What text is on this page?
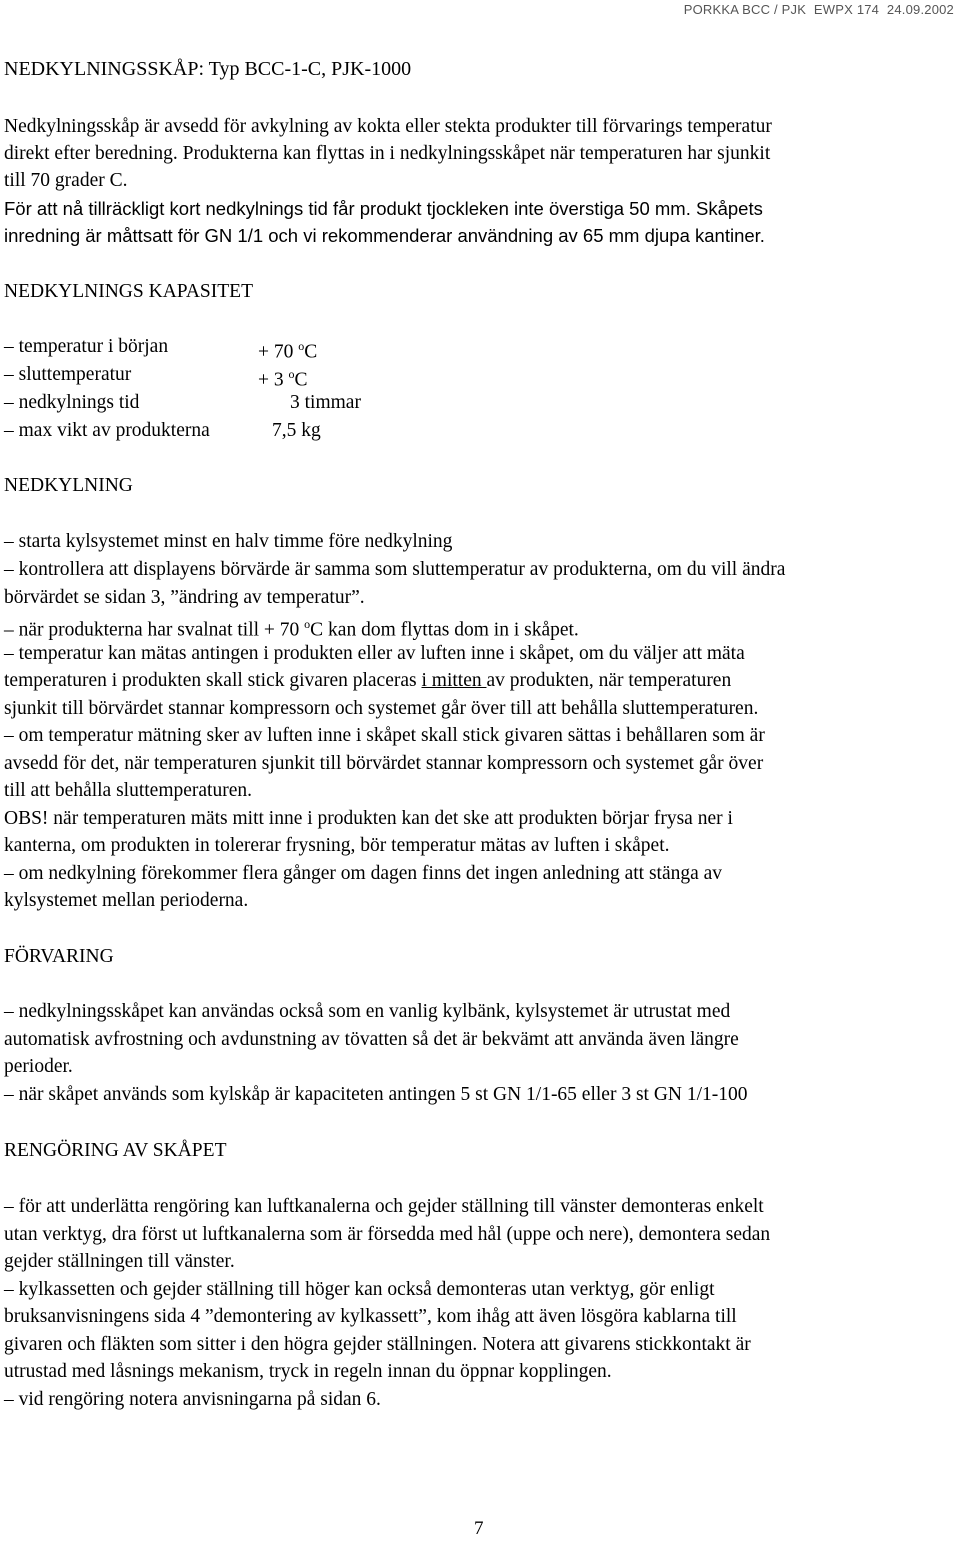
PORKKA BCC / PJK EWPX 174 24.09.2002
NEDKYLNINGSSKÅP: Typ BCC-1-C, PJK-1000
Nedkylningsskåp är avsedd för avkylning av kokta eller stekta produkter till förvarings temperatur
direkt efter beredning. Produkterna kan flyttas in i nedkylningsskåpet när temperaturen har sjunkit
till 70 grader C.
För att nå tillräckligt kort nedkylnings tid får produkt tjockleken inte överstiga 50 mm. Skåpets
inredning är måttsatt för GN 1/1 och vi rekommenderar användning av 65 mm djupa kantiner.
NEDKYLNINGS KAPASITET
– temperatur i början	+ 70 $^o$C
– sluttemperatur	+ 3 $^o$C
– nedkylnings tid	3 timmar
– max vikt av produkterna	7,5 kg
NEDKYLNING
– starta kylsystemet minst en halv timme före nedkylning
– kontrollera att displayens börvärde är samma som sluttemperatur av produkterna, om du vill ändra
börvärdet se sidan 3, ”ändring av temperatur”.
– när produkterna har svalnat till + 70 $^o$C kan dom flyttas dom in i skåpet.
– temperatur kan mätas antingen i produkten eller av luften inne i skåpet, om du väljer att mäta
temperaturen i produkten skall stick givaren placeras i mitten av produkten, när temperaturen
sjunkit till börvärdet stannar kompressorn och systemet går över till att behålla sluttemperaturen.
– om temperatur mätning sker av luften inne i skåpet skall stick givaren sättas i behållaren som är
avsedd för det, när temperaturen sjunkit till börvärdet stannar kompressorn och systemet går över
till att behålla sluttemperaturen.
OBS! när temperaturen mäts mitt inne i produkten kan det ske att produkten börjar frysa ner i
kanterna, om produkten in tolererar frysning, bör temperatur mätas av luften i skåpet.
– om nedkylning förekommer flera gånger om dagen finns det ingen anledning att stänga av
kylsystemet mellan perioderna.
FÖRVARING
– nedkylningsskåpet kan användas också som en vanlig kylbänk, kylsystemet är utrustat med
automatisk avfrostning och avdunstning av tövatten så det är bekvämt att använda även längre
perioder.
– när skåpet används som kylskåp är kapaciteten antingen 5 st GN 1/1-65 eller 3 st GN 1/1-100
RENGÖRING AV SKÅPET
– för att underlätta rengöring kan luftkanalerna och gejder ställning till vänster demonteras enkelt
utan verktyg, dra först ut luftkanalerna som är försedda med hål (uppe och nere), demontera sedan
gejder ställningen till vänster.
– kylkassetten och gejder ställning till höger kan också demonteras utan verktyg, gör enligt
bruksanvisningens sida 4 ”demontering av kylkassett”, kom ihåg att även lösgöra kablarna till
givaren och fläkten som sitter i den högra gejder ställningen. Notera att givarens stickkontakt är
utrustad med låsnings mekanism, tryck in regeln innan du öppnar kopplingen.
– vid rengöring notera anvisningarna på sidan 6.
7
